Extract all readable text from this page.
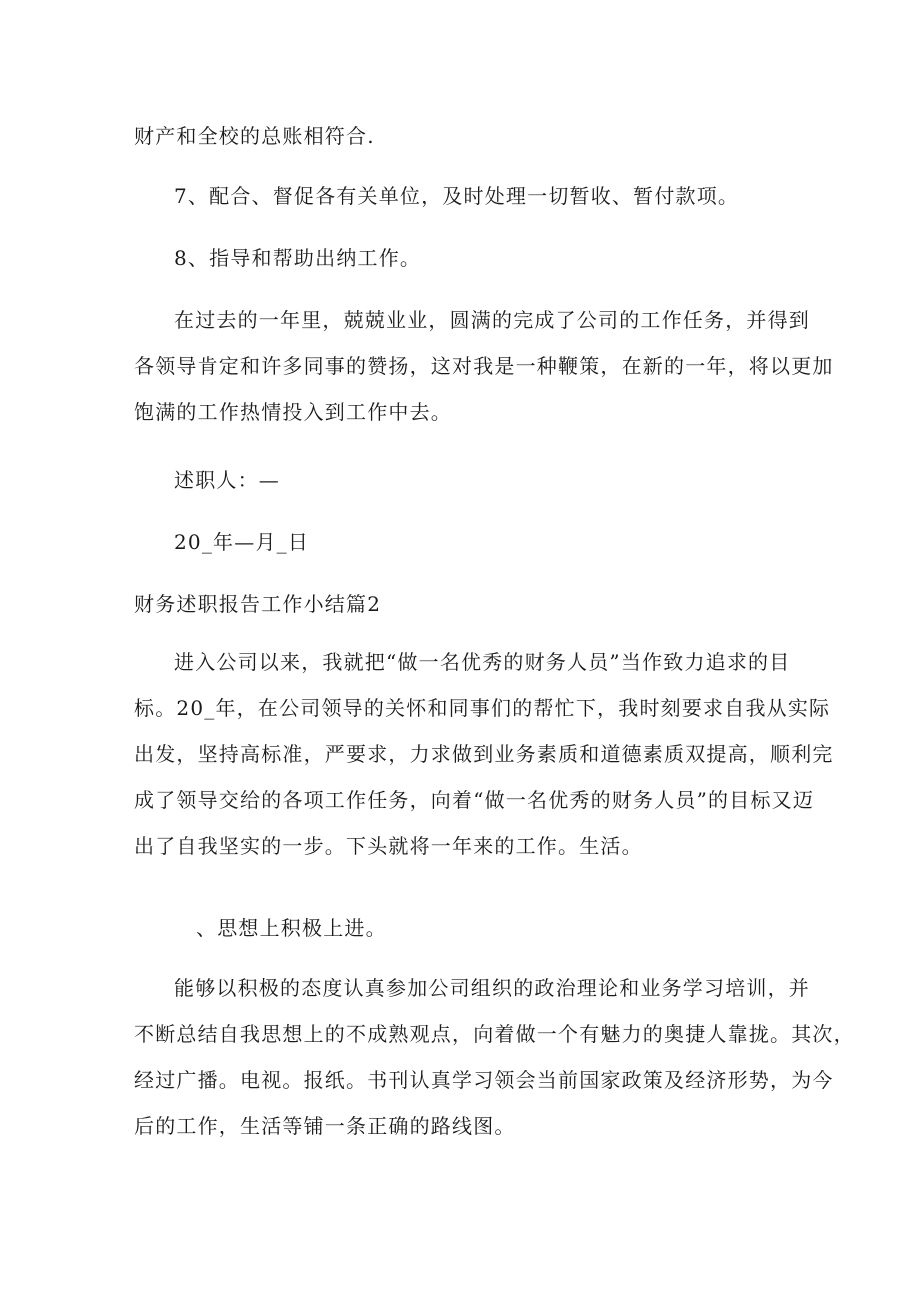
财产和全校的总账相符合.
7、配合、督促各有关单位，及时处理一切暂收、暂付款项。
8、指导和帮助出纳工作。
在过去的一年里，兢兢业业，圆满的完成了公司的工作任务，并得到
各领导肯定和许多同事的赞扬，这对我是一种鞭策，在新的一年，将以更加
饱满的工作热情投入到工作中去。
述职人：—
20_年—月_日
财务述职报告工作小结篇2
进入公司以来，我就把“做一名优秀的财务人员”当作致力追求的目
标。20_年，在公司领导的关怀和同事们的帮忙下，我时刻要求自我从实际
出发，坚持高标准，严要求，力求做到业务素质和道德素质双提高，顺利完
成了领导交给的各项工作任务，向着“做一名优秀的财务人员”的目标又迈
出了自我坚实的一步。下头就将一年来的工作。生活。
、思想上积极上进。
能够以积极的态度认真参加公司组织的政治理论和业务学习培训，并
不断总结自我思想上的不成熟观点，向着做一个有魅力的奥捷人靠拢。其次，
经过广播。电视。报纸。书刊认真学习领会当前国家政策及经济形势，为今
后的工作，生活等铺一条正确的路线图。
